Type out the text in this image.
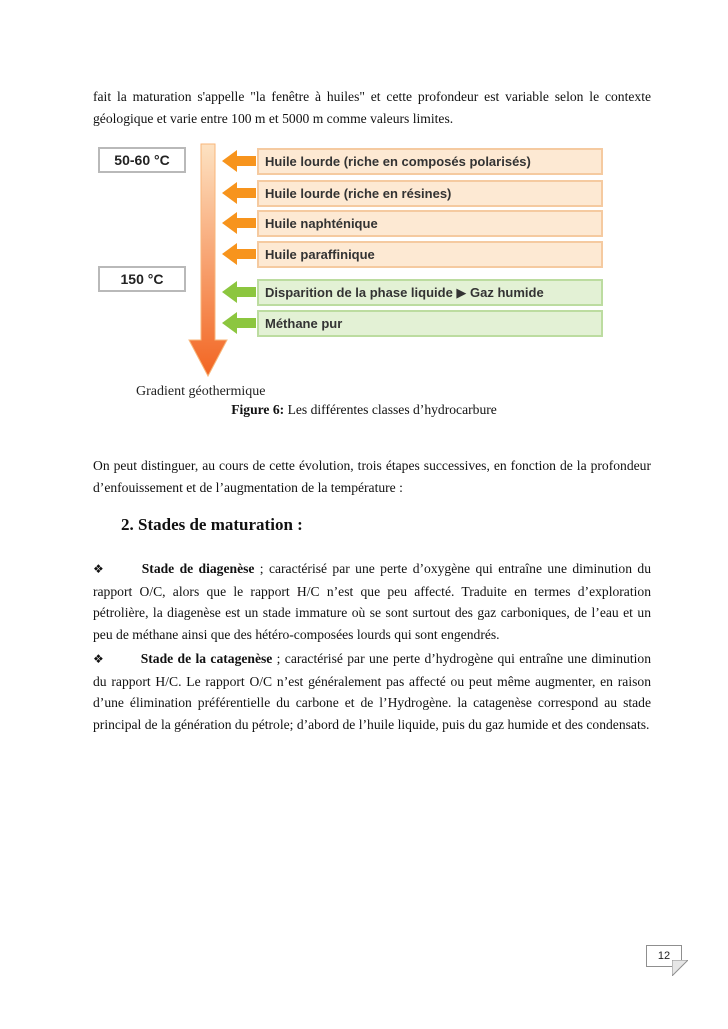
fait la maturation s'appelle "la fenêtre à huiles" et cette profondeur est variable selon le contexte géologique et varie entre 100 m et 5000 m comme valeurs limites.

50-60 °C
150 °C
Huile lourde (riche en composés polarisés)
Huile lourde (riche en résines)
Huile naphténique
Huile paraffinique
Disparition de la phase liquide ▶ Gaz humide
Méthane pur
Gradient géothermique
Figure 6: Les différentes classes d’hydrocarbure

On peut distinguer, au cours de cette évolution, trois étapes successives, en fonction de la profondeur d’enfouissement et de l’augmentation de la température :

2. Stades de maturation :

❖	Stade de diagenèse ; caractérisé par une perte d’oxygène qui entraîne une diminution du rapport O/C, alors que le rapport H/C n’est que peu affecté. Traduite en termes d’exploration pétrolière, la diagenèse est un stade immature où se sont surtout des gaz carboniques, de l’eau et un peu de méthane ainsi que des hétéro-composées lourds qui sont engendrés.

❖	Stade de la catagenèse ; caractérisé par une perte d’hydrogène qui entraîne une diminution du rapport H/C. Le rapport O/C n’est généralement pas affecté ou peut même augmenter, en raison d’une élimination préférentielle du carbone et de l’Hydrogène. la catagenèse correspond au stade principal de la génération du pétrole; d’abord de l’huile liquide, puis du gaz humide et des condensats.

12
